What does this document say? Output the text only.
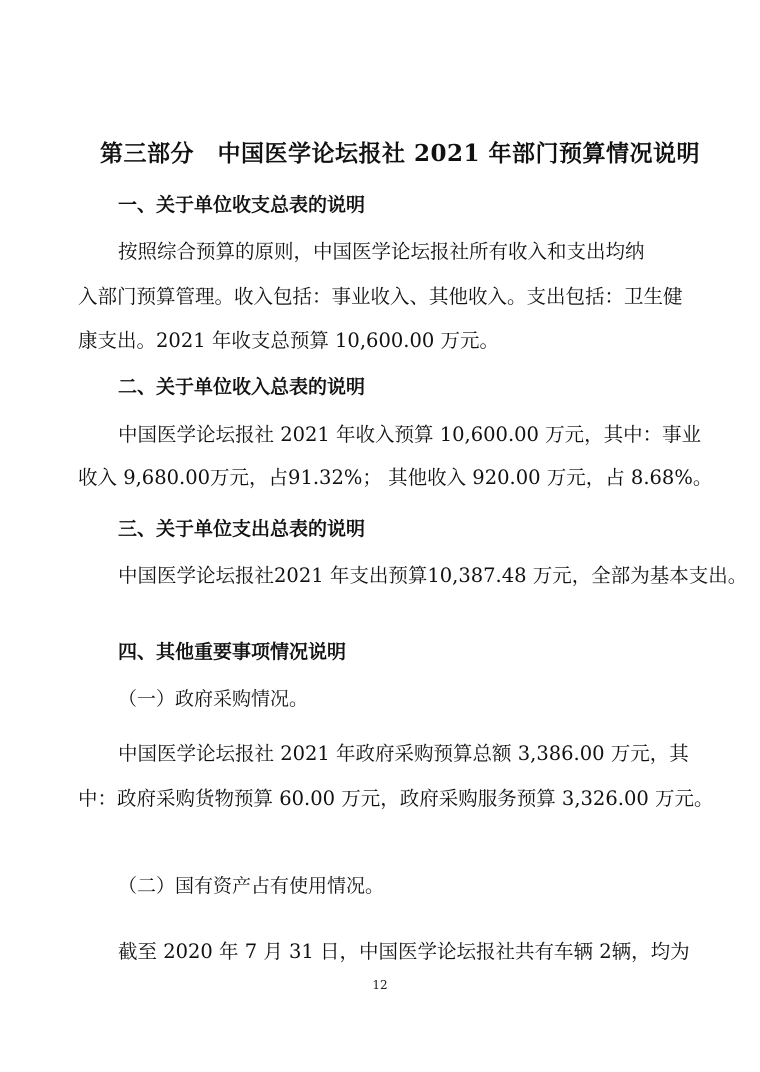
第三部分　中国医学论坛报社 2021 年部门预算情况说明

一、关于单位收支总表的说明

按照综合预算的原则，中国医学论坛报社所有收入和支出均纳

入部门预算管理。收入包括：事业收入、其他收入。支出包括：卫生健

康支出。2021 年收支总预算 10,600.00 万元。

二、关于单位收入总表的说明

中国医学论坛报社 2021 年收入预算 10,600.00 万元，其中：事业

收入 9,680.00万元，占91.32%； 其他收入 920.00 万元，占 8.68%。

三、关于单位支出总表的说明

中国医学论坛报社2021 年支出预算10,387.48 万元，全部为基本支出。

四、其他重要事项情况说明

（一）政府采购情况。

中国医学论坛报社 2021 年政府采购预算总额 3,386.00 万元，其

中：政府采购货物预算 60.00 万元，政府采购服务预算 3,326.00 万元。

（二）国有资产占有使用情况。

截至 2020 年 7 月 31 日，中国医学论坛报社共有车辆 2辆，均为

12
